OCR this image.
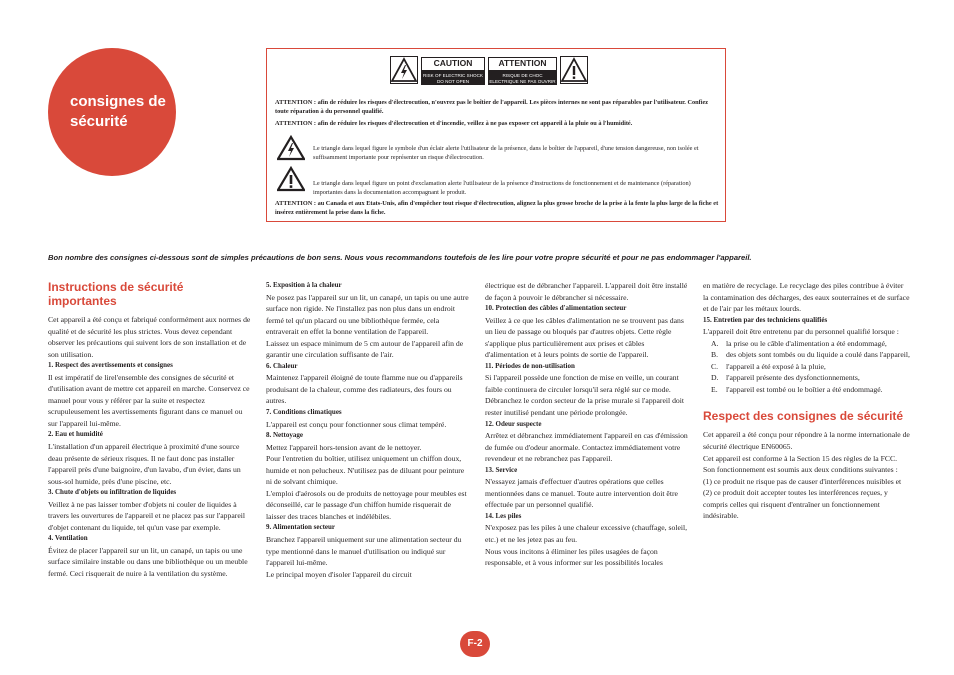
consignes de sécurité
CAUTION
RISK OF ELECTRIC SHOCK DO NOT OPEN
ATTENTION
RISQUE DE CHOC ELECTRIQUE NE PAS OUVRIR
ATTENTION : afin de réduire les risques d'électrocution, n'ouvrez pas le boîtier de l'appareil. Les pièces internes ne sont pas réparables par l'utilisateur. Confiez toute réparation à du personnel qualifié.
ATTENTION : afin de réduire les risques d'électrocution et d'incendie, veillez à ne pas exposer cet appareil à la pluie ou à l'humidité.
Le triangle dans lequel figure le symbole d'un éclair alerte l'utilisateur de la présence, dans le boîtier de l'appareil, d'une tension dangereuse, non isolée et suffisamment importante pour représenter un risque d'électrocution.
Le triangle dans lequel figure un point d'exclamation alerte l'utilisateur de la présence d'instructions de fonctionnement et de maintenance (réparation) importantes dans la documentation accompagnant le produit.
ATTENTION : au Canada et aux Etats-Unis, afin d'empêcher tout risque d'électrocution, alignez la plus grosse broche de la prise à la fente la plus large de la fiche et insérez entièrement la prise dans la fiche.
Bon nombre des consignes ci-dessous sont de simples précautions de bon sens. Nous vous recommandons toutefois de les lire pour votre propre sécurité et pour ne pas endommager l'appareil.
Instructions de sécurité importantes

Cet appareil a été conçu et fabriqué conformément aux normes de qualité et de sécurité les plus strictes. Vous devez cependant observer les précautions qui suivent lors de son installation et de son utilisation.

1. Respect des avertissements et consignes

Il est impératif de lirel'ensemble des consignes de sécurité et d'utilisation avant de mettre cet appareil en marche. Conservez ce manuel pour vous y référer par la suite et respectez scrupuleusement les avertissements figurant dans ce manuel ou sur l'appareil lui-même.

2. Eau et humidité

L'installation d'un appareil électrique à proximité d'une source deau présente de sérieux risques. Il ne faut donc pas installer l'appareil près d'une baignoire, d'un lavabo, d'un évier, dans un sous-sol humide, près d'une piscine, etc.

3. Chute d'objets ou infiltration de liquides

Veillez à ne pas laisser tomber d'objets ni couler de liquides à travers les ouvertures de l'appareil et ne placez pas sur l'appareil d'objet contenant du liquide, tel qu'un vase par exemple.

4. Ventilation

Évitez de placer l'appareil sur un lit, un canapé, un tapis ou une surface similaire instable ou dans une bibliothèque ou un meuble fermé. Ceci risquerait de nuire à la ventilation du système.

5. Exposition à la chaleur

Ne posez pas l'appareil sur un lit, un canapé, un tapis ou une autre surface non rigide. Ne l'installez pas non plus dans un endroit fermé tel qu'un placard ou une bibliothèque fermée, cela entraverait en effet la bonne ventilation de l'appareil.

Laissez un espace minimum de 5 cm autour de l'appareil afin de garantir une circulation suffisante de l'air.

6. Chaleur

Maintenez l'appareil éloigné de toute flamme nue ou d'appareils produisant de la chaleur, comme des radiateurs, des fours ou autres.

7. Conditions climatiques

L'appareil est conçu pour fonctionner sous climat tempéré.

8. Nettoyage

Mettez l'appareil hors-tension avant de le nettoyer.

Pour l'entretien du boîtier, utilisez uniquement un chiffon doux, humide et non pelucheux. N'utilisez pas de diluant pour peinture ni de solvant chimique.

L'emploi d'aérosols ou de produits de nettoyage pour meubles est déconseillé, car le passage d'un chiffon humide risquerait de laisser des traces blanches et indélébiles.

9. Alimentation secteur

Branchez l'appareil uniquement sur une alimentation secteur du type mentionné dans le manuel d'utilisation ou indiqué sur l'appareil lui-même.

Le principal moyen d'isoler l'appareil du circuit

électrique est de débrancher l'appareil. L'appareil doit être installé de façon à pouvoir le débrancher si nécessaire.

10. Protection des câbles d'alimentation secteur

Veillez à ce que les câbles d'alimentation ne se trouvent pas dans un lieu de passage ou bloqués par d'autres objets. Cette règle s'applique plus particulièrement aux prises et câbles d'alimentation et à leurs points de sortie de l'appareil.

11. Périodes de non-utilisation

Si l'appareil possède une fonction de mise en veille, un courant faible continuera de circuler lorsqu'il sera réglé sur ce mode. Débranchez le cordon secteur de la prise murale si l'appareil doit rester inutilisé pendant une période prolongée.

12. Odeur suspecte

Arrêtez et débranchez immédiatement l'appareil en cas d'émission de fumée ou d'odeur anormale. Contactez immédiatement votre revendeur et ne rebranchez pas l'appareil.

13. Service

N'essayez jamais d'effectuer d'autres opérations que celles mentionnées dans ce manuel. Toute autre intervention doit être effectuée par un personnel qualifié.

14. Les piles

N'exposez pas les piles à une chaleur excessive (chauffage, soleil, etc.) et ne les jetez pas au feu.

Nous vous incitons à éliminer les piles usagées de façon responsable, et à vous informer sur les possibilités locales

en matière de recyclage. Le recyclage des piles contribue à éviter la contamination des décharges, des eaux souterraines et de surface et de l'air par les métaux lourds.

15. Entretien par des techniciens qualifiés

L'appareil doit être entretenu par du personnel qualifié lorsque :

A. la prise ou le câble d'alimentation a été endommagé,
B.	des objets sont tombés ou du liquide a coulé dans l'appareil,
C.	l'appareil a été exposé à la pluie,
D. l'appareil présente des dysfonctionnements,
E.	l'appareil est tombé ou le boîtier a été endommagé.
Respect des consignes de sécurité

Cet appareil a été conçu pour répondre à la norme internationale de sécurité électrique EN60065.

Cet appareil est conforme à la Section 15 des règles de la FCC. Son fonctionnement est soumis aux deux conditions suivantes :

(1) ce produit ne risque pas de causer d'interférences nuisibles et

(2) ce produit doit accepter toutes les interférences reçues, y compris celles qui risquent d'entraîner un fonctionnement indésirable.

F-2
